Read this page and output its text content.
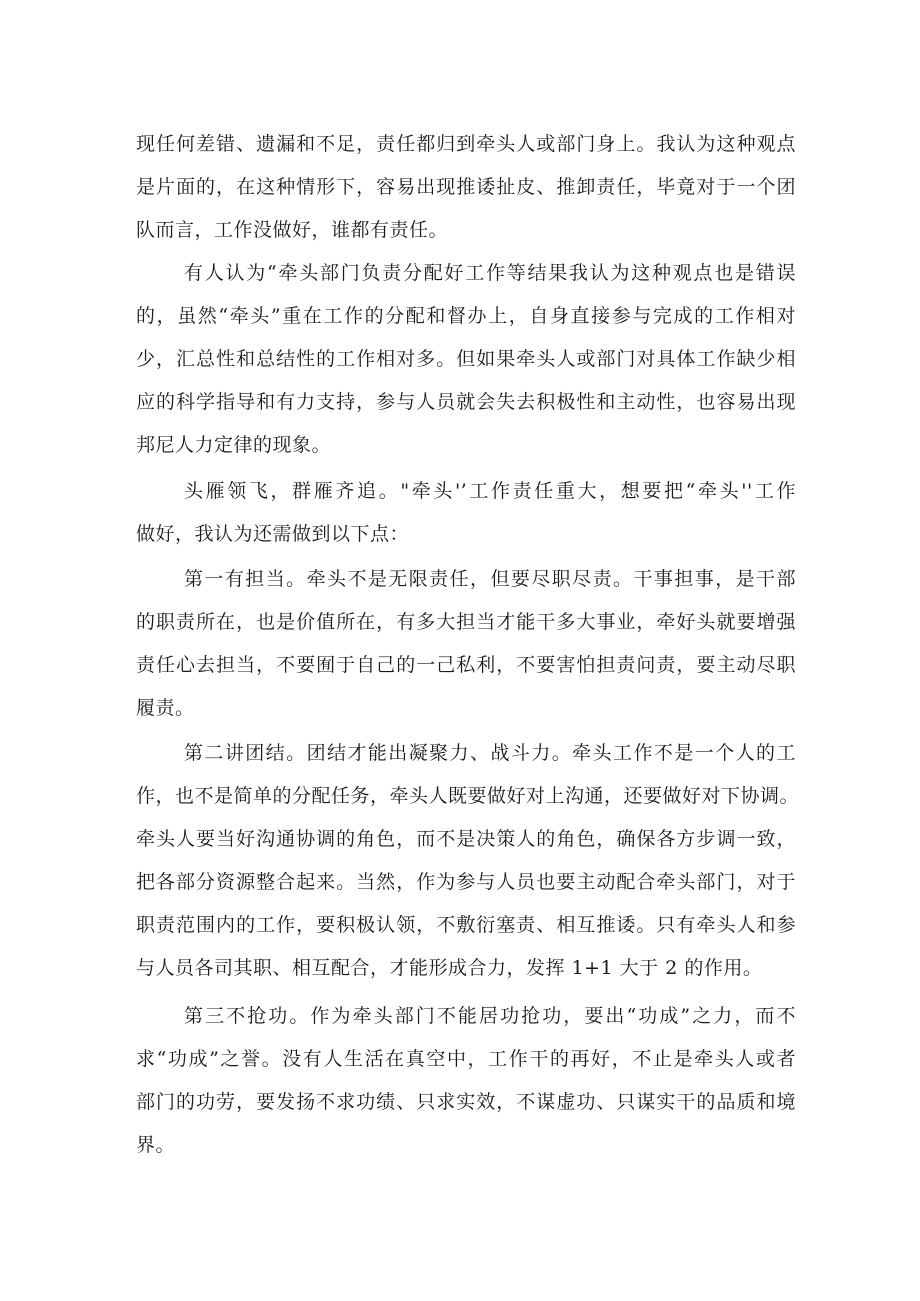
现任何差错、遗漏和不足，责任都归到牵头人或部门身上。我认为这种观点
是片面的，在这种情形下，容易出现推诿扯皮、推卸责任，毕竟对于一个团
队而言，工作没做好，谁都有责任。
有人认为“牵头部门负责分配好工作等结果我认为这种观点也是错误
的，虽然“牵头”重在工作的分配和督办上，自身直接参与完成的工作相对
少，汇总性和总结性的工作相对多。但如果牵头人或部门对具体工作缺少相
应的科学指导和有力支持，参与人员就会失去积极性和主动性，也容易出现
邦尼人力定律的现象。
头雁领飞，群雁齐追。"牵头'’工作责任重大，想要把“牵头''工作
做好，我认为还需做到以下点：
第一有担当。牵头不是无限责任，但要尽职尽责。干事担事，是干部
的职责所在，也是价值所在，有多大担当才能干多大事业，牵好头就要增强
责任心去担当，不要囿于自己的一己私利，不要害怕担责问责，要主动尽职
履责。
第二讲团结。团结才能出凝聚力、战斗力。牵头工作不是一个人的工
作，也不是简单的分配任务，牵头人既要做好对上沟通，还要做好对下协调。
牵头人要当好沟通协调的角色，而不是决策人的角色，确保各方步调一致，
把各部分资源整合起来。当然，作为参与人员也要主动配合牵头部门，对于
职责范围内的工作，要积极认领，不敷衍塞责、相互推诿。只有牵头人和参
与人员各司其职、相互配合，才能形成合力，发挥 1+1 大于 2 的作用。
第三不抢功。作为牵头部门不能居功抢功，要出“功成”之力，而不
求“功成”之誉。没有人生活在真空中，工作干的再好，不止是牵头人或者
部门的功劳，要发扬不求功绩、只求实效，不谋虚功、只谋实干的品质和境
界。
